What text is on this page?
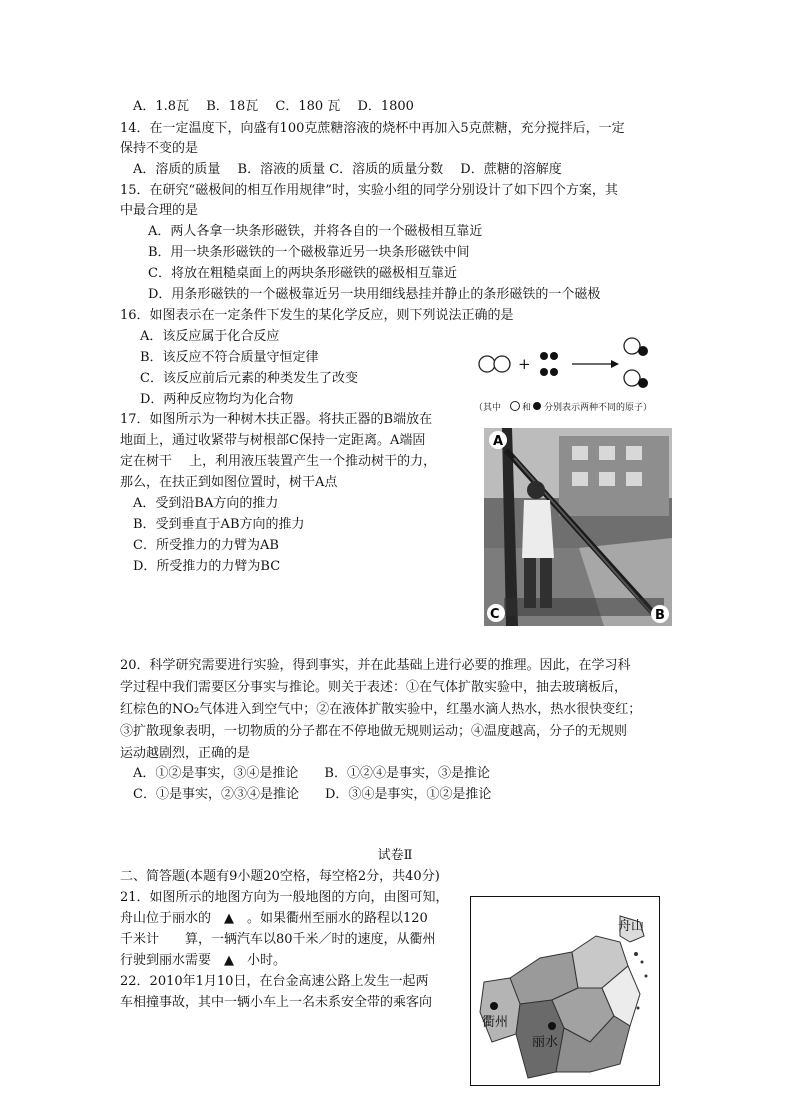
A．1.8瓦　 B．18瓦　 C．180 瓦　 D．1800
14．在一定温度下，向盛有100克蔗糖溶液的烧杯中再加入5克蔗糖，充分搅拌后，一定
保持不变的是
A．溶质的质量　 B．溶液的质量 C．溶质的质量分数　 D．蔗糖的溶解度
15．在研究“磁极间的相互作用规律”时，实验小组的同学分别设计了如下四个方案，其
中最合理的是
A．两人各拿一块条形磁铁，并将各自的一个磁极相互靠近
B．用一块条形磁铁的一个磁极靠近另一块条形磁铁中间
C．将放在粗糙桌面上的两块条形磁铁的磁极相互靠近
D．用条形磁铁的一个磁极靠近另一块用细线悬挂并静止的条形磁铁的一个磁极
16．如图表示在一定条件下发生的某化学反应，则下列说法正确的是
A．该反应属于化合反应
B．该反应不符合质量守恒定律
C．该反应前后元素的种类发生了改变
D．两种反应物均为化合物
+
（其中 和 分别表示两种不同的原子）
17．如图所示为一种树木扶正器。将扶正器的B端放在
地面上，通过收紧带与树根部C保持一定距离。A端固
定在树干　 上，利用液压装置产生一个推动树干的力，
那么，在扶正到如图位置时，树干A点
A．受到沿BA方向的推力
B．受到垂直于AB方向的推力
C．所受推力的力臂为AB
D．所受推力的力臂为BC
A
C	B
20．科学研究需要进行实验，得到事实，并在此基础上进行必要的推理。因此，在学习科
学过程中我们需要区分事实与推论。则关于表述：①在气体扩散实验中，抽去玻璃板后，
红棕色的NO₂气体进入到空气中；②在液体扩散实验中，红墨水滴人热水，热水很快变红；
③扩散现象表明，一切物质的分子都在不停地做无规则运动；④温度越高，分子的无规则
运动越剧烈，正确的是
A．①②是事实，③④是推论　　B．①②④是事实，③是推论
C．①是事实，②③④是推论　　D．③④是事实，①②是推论
试卷Ⅱ
二、简答题(本题有9小题20空格，每空格2分，共40分)
21．如图所示的地图方向为一般地图的方向，由图可知，
舟山位于丽水的　▲　。如果衢州至丽水的路程以120
千米计　　算，一辆汽车以80千米／时的速度，从衢州
行驶到丽水需要　▲　小时。
22．2010年1月10日，在台金高速公路上发生一起两
车相撞事故，其中一辆小车上一名未系安全带的乘客向
舟山
衢州
丽水
